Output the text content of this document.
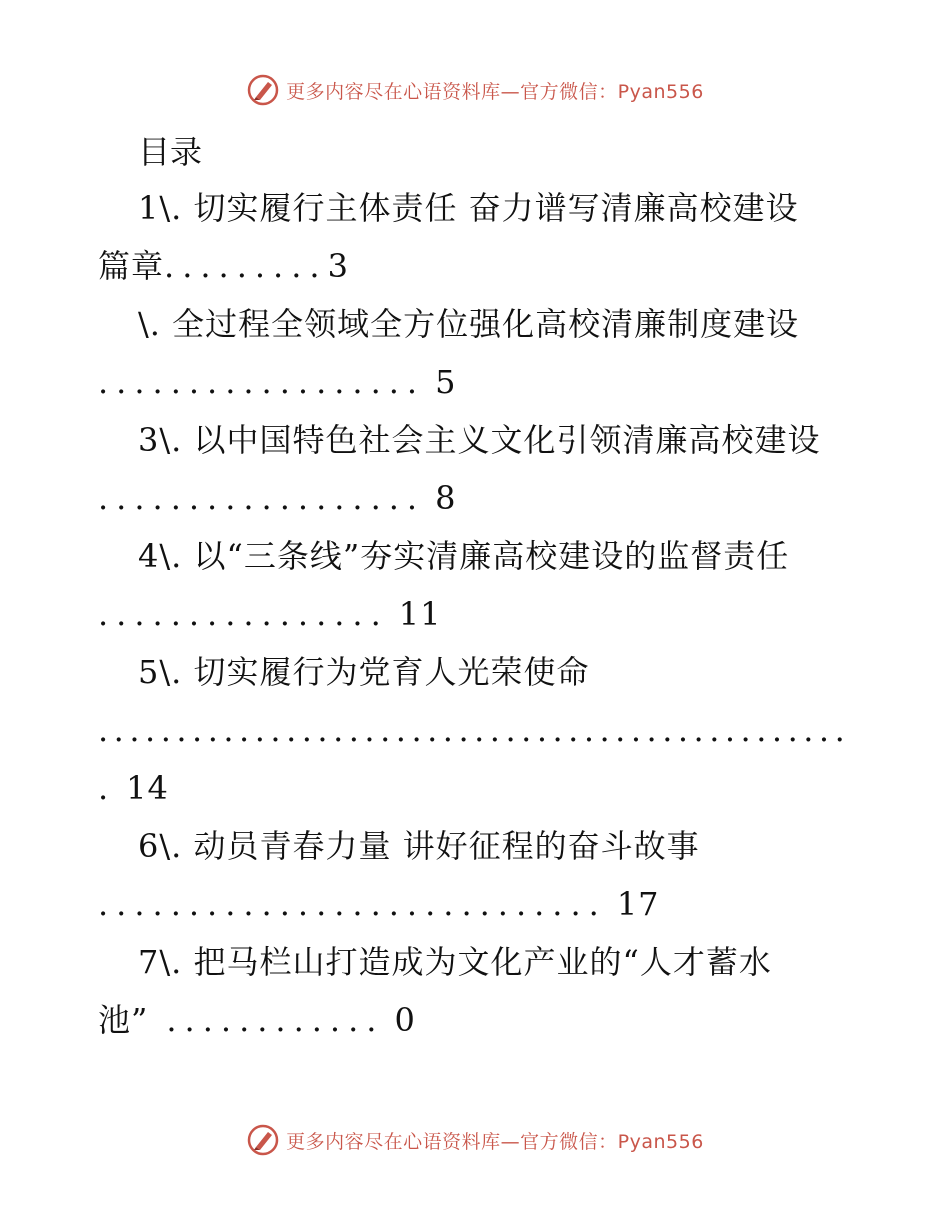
更多内容尽在心语资料库—官方微信：Pyan556
目录
1\. 切实履行主体责任 奋力谱写清廉高校建设
篇章.........3
\. 全过程全领域全方位强化高校清廉制度建设
.................. 5
3\. 以中国特色社会主义文化引领清廉高校建设
.................. 8
4\. 以“三条线”夯实清廉高校建设的监督责任
................ 11
5\. 切实履行为党育人光荣使命
................................................
. 14
6\. 动员青春力量 讲好征程的奋斗故事
............................ 17
7\. 把马栏山打造成为文化产业的“人才蓄水
池” ............ 0
更多内容尽在心语资料库—官方微信：Pyan556
